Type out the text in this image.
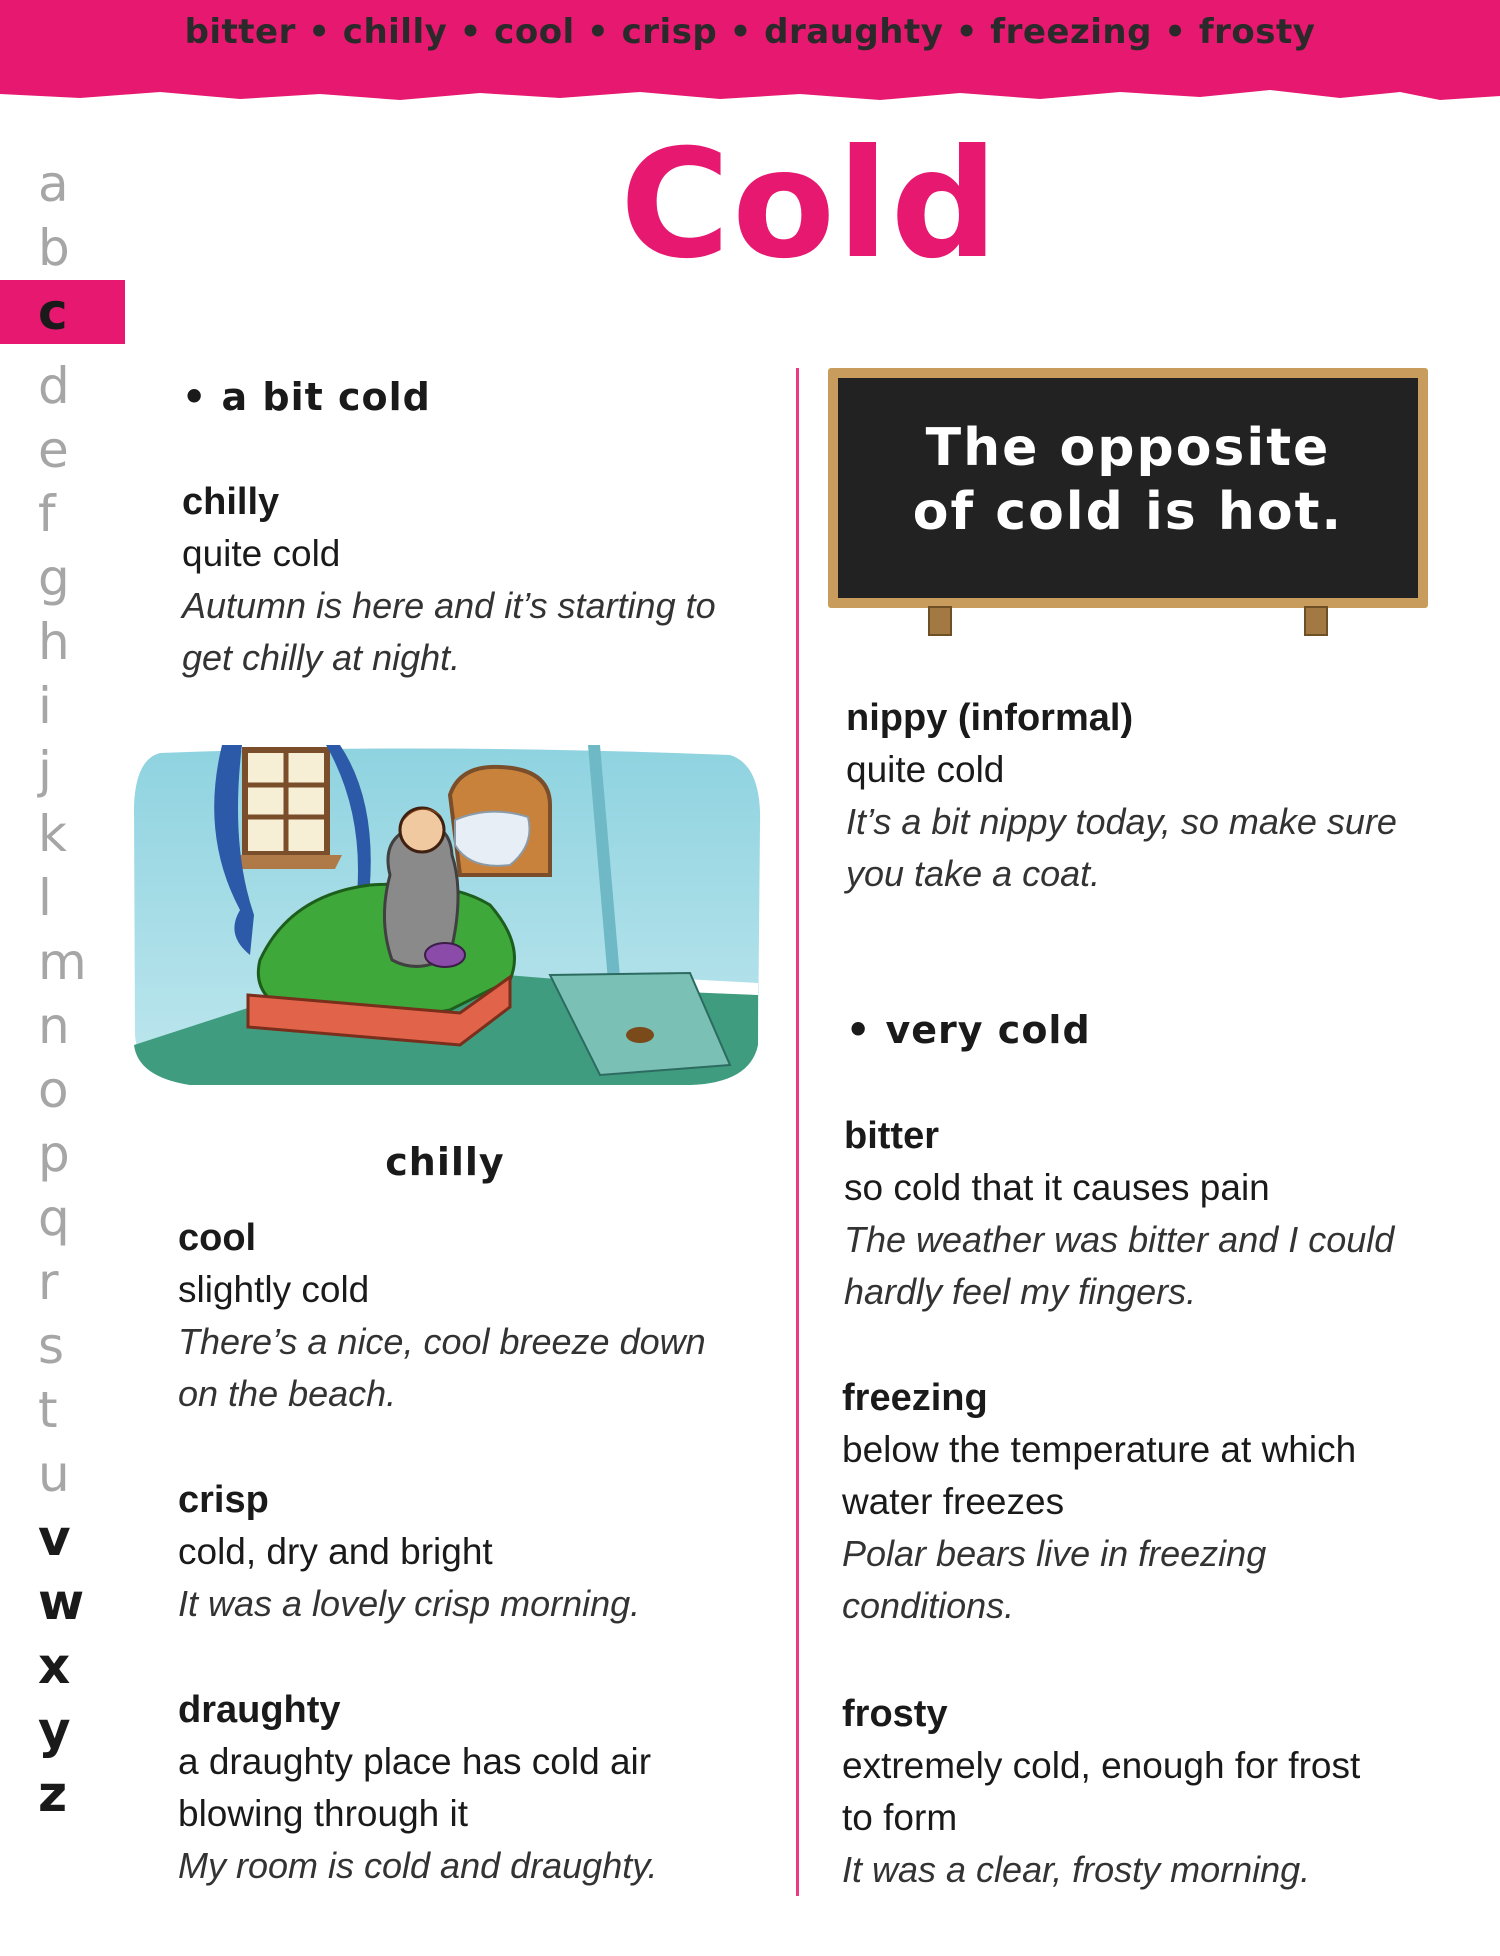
bitter • chilly • cool • crisp • draughty • freezing • frosty
Cold
a
b
c
d
e
f
g
h
i
j
k
l
m
n
o
p
q
r
s
t
u
v
w
x
y
z
• a bit cold
chilly
quite cold
Autumn is here and it’s starting to
get chilly at night.
chilly
cool
slightly cold
There’s a nice, cool breeze down
on the beach.
crisp
cold, dry and bright
It was a lovely crisp morning.
draughty
a draughty place has cold air
blowing through it
My room is cold and draughty.
The opposite
of cold is hot.
nippy (informal)
quite cold
It’s a bit nippy today, so make sure
you take a coat.
• very cold
bitter
so cold that it causes pain
The weather was bitter and I could
hardly feel my fingers.
freezing
below the temperature at which
water freezes
Polar bears live in freezing
conditions.
frosty
extremely cold, enough for frost
to form
It was a clear, frosty morning.
